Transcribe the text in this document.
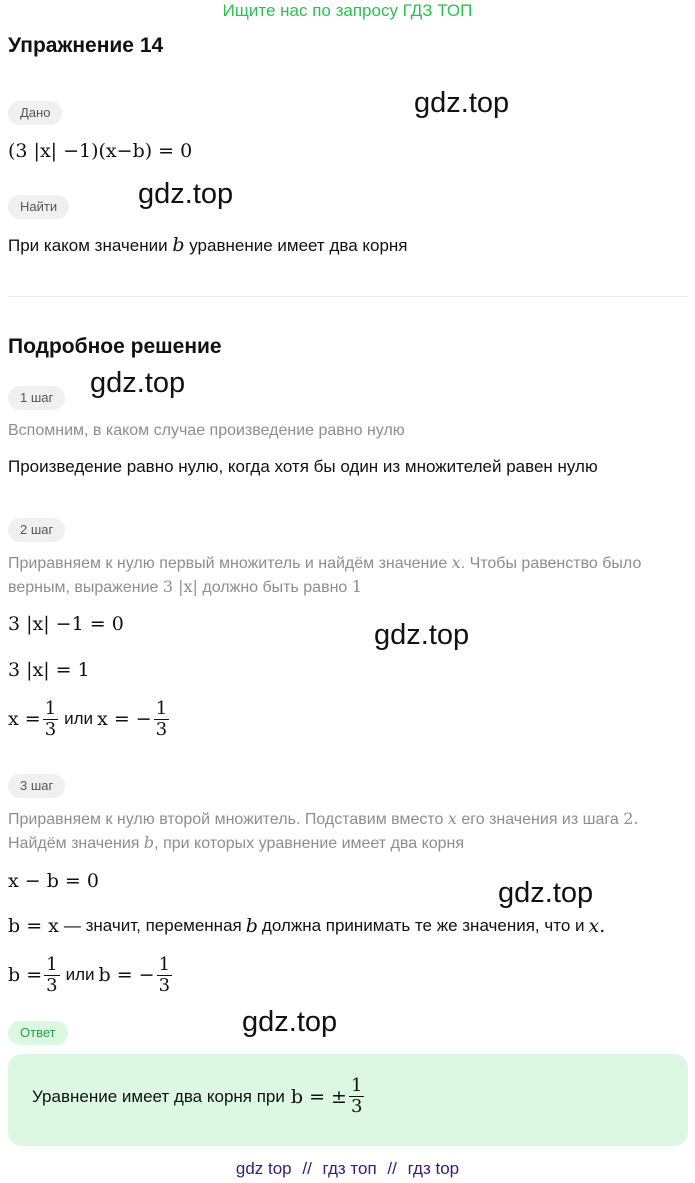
Ищите нас по запросу ГДЗ ТОП
Упражнение 14
Дано
(3 |x| −1)(x−b) = 0
Найти
При каком значении b уравнение имеет два корня
Подробное решение
1 шаг
Вспомним, в каком случае произведение равно нулю
Произведение равно нулю, когда хотя бы один из множителей равен нулю
2 шаг
Приравняем к нулю первый множитель и найдём значение x. Чтобы равенство было
верным, выражение 3 |x| должно быть равно 1
3 |x| −1 = 0
3 |x| = 1
$x = \frac{1}{3}$ или x = − $\frac{1}{3}$
3 шаг
Приравняем к нулю второй множитель. Подставим вместо x его значения из шага 2.
Найдём значения b, при которых уравнение имеет два корня
x − b = 0
b = x — значит, переменная b должна принимать те же значения, что и x.
$b = \frac{1}{3}$ или b = − $\frac{1}{3}$
Ответ
Уравнение имеет два корня при b = ± $\frac{1}{3}$
gdz.top
gdz.top
gdz.top
gdz.top
gdz.top
gdz.top
gdz top // гдз топ // гдз top
